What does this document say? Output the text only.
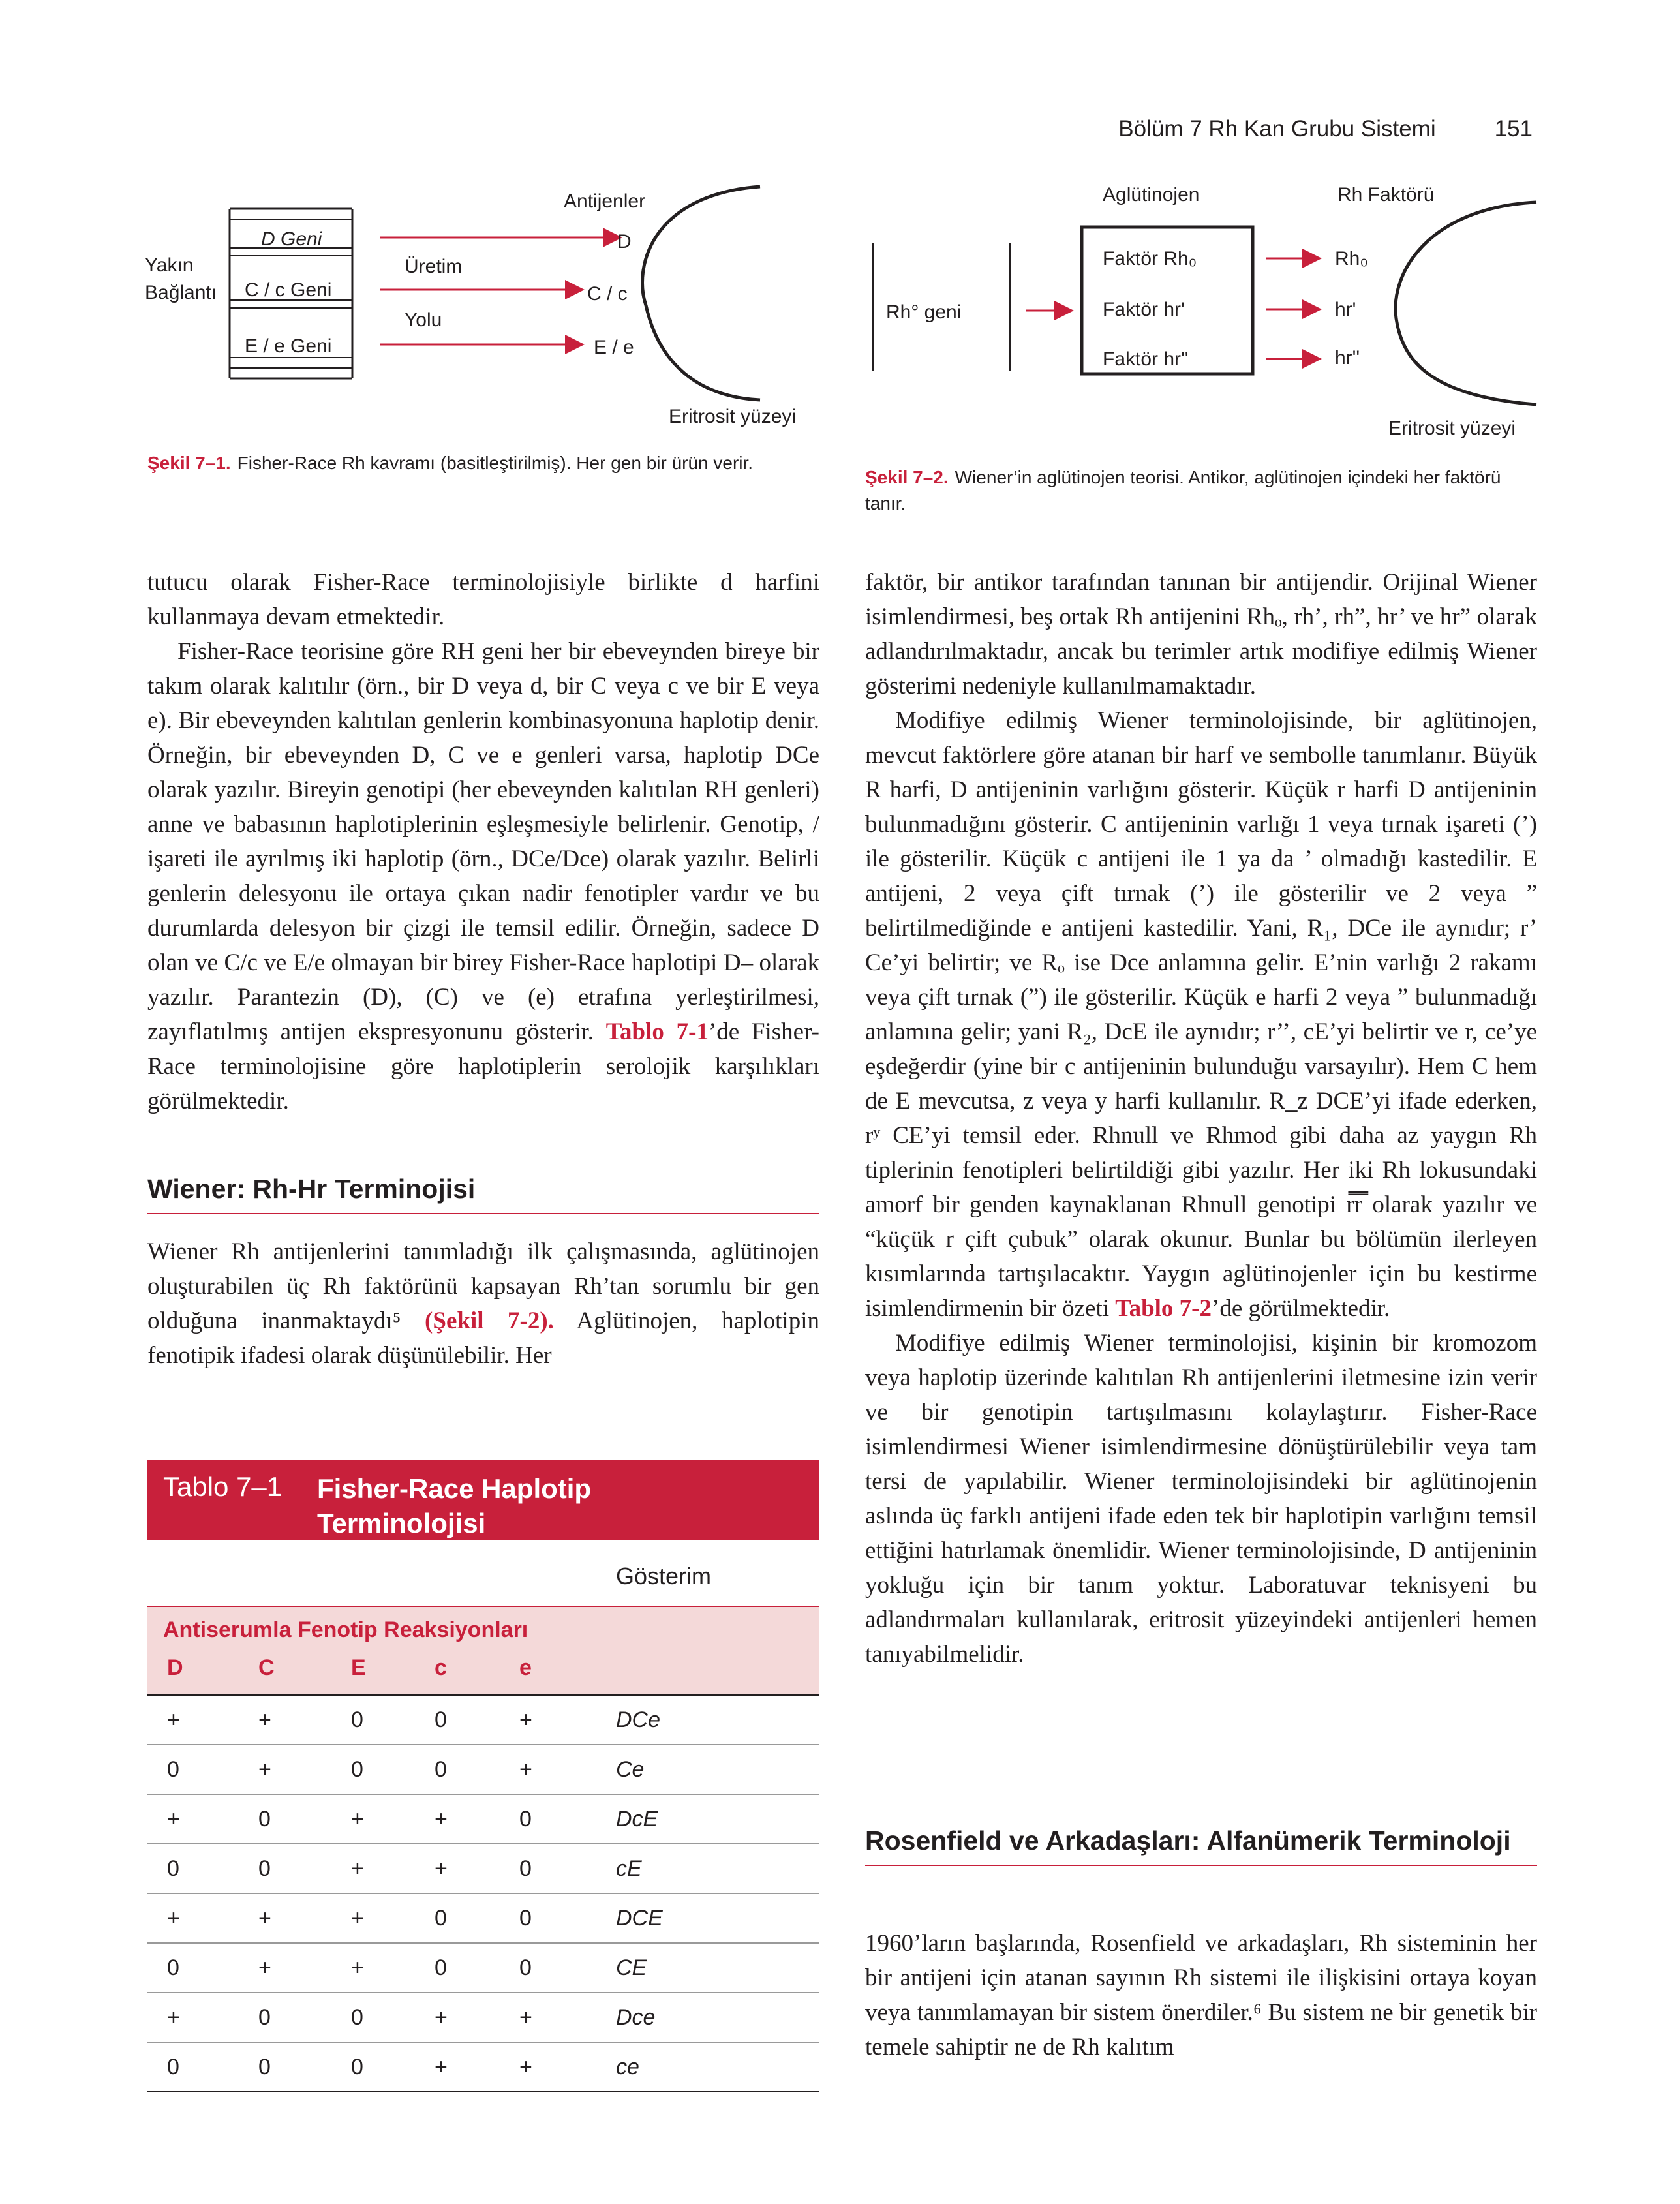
Bölüm 7 Rh Kan Grubu Sistemi	151
Yakın
Bağlantı
D Geni
C / c Geni
E / e Geni
Üretim
Yolu
Antijenler
D
C / c
E / e
Eritrosit yüzeyi
Şekil 7–1. Fisher-Race Rh kavramı (basitleştirilmiş). Her gen bir ürün verir.
Rh° geni
Aglütinojen	Rh Faktörü
Faktör Rh₀
Faktör hr'
Faktör hr''
Rh₀
hr'
hr''
Eritrosit yüzeyi
Şekil 7–2. Wiener’in aglütinojen teorisi. Antikor, aglütinojen içindeki her faktörü tanır.

tutucu olarak Fisher-Race terminolojisiyle birlikte d harfini kullanmaya devam etmektedir.

Fisher-Race teorisine göre RH geni her bir ebeveynden bireye bir takım olarak kalıtılır (örn., bir D veya d, bir C veya c ve bir E veya e). Bir ebeveynden kalıtılan genlerin kombinasyonuna haplotip denir. Örneğin, bir ebeveynden D, C ve e genleri varsa, haplotip DCe olarak yazılır. Bireyin genotipi (her ebeveynden kalıtılan RH genleri) anne ve babasının haplotiplerinin eşleşmesiyle belirlenir. Genotip, / işareti ile ayrılmış iki haplotip (örn., DCe/Dce) olarak yazılır. Belirli genlerin delesyonu ile ortaya çıkan nadir fenotipler vardır ve bu durumlarda delesyon bir çizgi ile temsil edilir. Örneğin, sadece D olan ve C/c ve E/e olmayan bir birey Fisher-Race haplotipi D– olarak yazılır. Parantezin (D), (C) ve (e) etrafına yerleştirilmesi, zayıflatılmış antijen ekspresyonunu gösterir. Tablo 7-1’de Fisher-Race terminolojisine göre haplotiplerin serolojik karşılıkları görülmektedir.

Wiener: Rh-Hr Terminojisi

Wiener Rh antijenlerini tanımladığı ilk çalışmasında, aglütinojen oluşturabilen üç Rh faktörünü kapsayan Rh’tan sorumlu bir gen olduğuna inanmaktaydı⁵ (Şekil 7-2). Aglütinojen, haplotipin fenotipik ifadesi olarak düşünülebilir. Her

Tablo 7–1 Fisher-Race Haplotip Terminolojisi
Gösterim
Antiserumla Fenotip Reaksiyonları
D	C	E	c	e
+	+	0	0	+	DCe
0	+	0	0	+	Ce
+	0	+	+	0	DcE
0	0	+	+	0	cE
+	+	+	0	0	DCE
0	+	+	0	0	CE
+	0	0	+	+	Dce
0	0	0	+	+	ce

faktör, bir antikor tarafından tanınan bir antijendir. Orijinal Wiener isimlendirmesi, beş ortak Rh antijenini Rhₒ, rh’, rh”, hr’ ve hr” olarak adlandırılmaktadır, ancak bu terimler artık modifiye edilmiş Wiener gösterimi nedeniyle kullanılmamaktadır.

Modifiye edilmiş Wiener terminolojisinde, bir aglütinojen, mevcut faktörlere göre atanan bir harf ve sembolle tanımlanır. Büyük R harfi, D antijeninin varlığını gösterir. Küçük r harfi D antijeninin bulunmadığını gösterir. C antijeninin varlığı 1 veya tırnak işareti (’) ile gösterilir. Küçük c antijeni ile 1 ya da ’ olmadığı kastedilir. E antijeni, 2 veya çift tırnak (’) ile gösterilir ve 2 veya ” belirtilmediğinde e antijeni kastedilir. Yani, R₁, DCe ile aynıdır; r’ Ce’yi belirtir; ve Rₒ ise Dce anlamına gelir. E’nin varlığı 2 rakamı veya çift tırnak (”) ile gösterilir. Küçük e harfi 2 veya ” bulunmadığı anlamına gelir; yani R₂, DcE ile aynıdır; r’’, cE’yi belirtir ve r, ce’ye eşdeğerdir (yine bir c antijeninin bulunduğu varsayılır). Hem C hem de E mevcutsa, z veya y harfi kullanılır. R_z DCE’yi ifade ederken, rʸ CE’yi temsil eder. Rhnull ve Rhmod gibi daha az yaygın Rh tiplerinin fenotipleri belirtildiği gibi yazılır. Her iki Rh lokusundaki amorf bir genden kaynaklanan Rhnull genotipi r̿r̿ olarak yazılır ve “küçük r çift çubuk” olarak okunur. Bunlar bu bölümün ilerleyen kısımlarında tartışılacaktır. Yaygın aglütinojenler için bu kestirme isimlendirmenin bir özeti Tablo 7-2’de görülmektedir.

Modifiye edilmiş Wiener terminolojisi, kişinin bir kromozom veya haplotip üzerinde kalıtılan Rh antijenlerini iletmesine izin verir ve bir genotipin tartışılmasını kolaylaştırır. Fisher-Race isimlendirmesi Wiener isimlendirmesine dönüştürülebilir veya tam tersi de yapılabilir. Wiener terminolojisindeki bir aglütinojenin aslında üç farklı antijeni ifade eden tek bir haplotipin varlığını temsil ettiğini hatırlamak önemlidir. Wiener terminolojisinde, D antijeninin yokluğu için bir tanım yoktur. Laboratuvar teknisyeni bu adlandırmaları kullanılarak, eritrosit yüzeyindeki antijenleri hemen tanıyabilmelidir.

Rosenfield ve Arkadaşları: Alfanümerik Terminoloji

1960’ların başlarında, Rosenfield ve arkadaşları, Rh sisteminin her bir antijeni için atanan sayının Rh sistemi ile ilişkisini ortaya koyan veya tanımlamayan bir sistem önerdiler.⁶ Bu sistem ne bir genetik bir temele sahiptir ne de Rh kalıtım
